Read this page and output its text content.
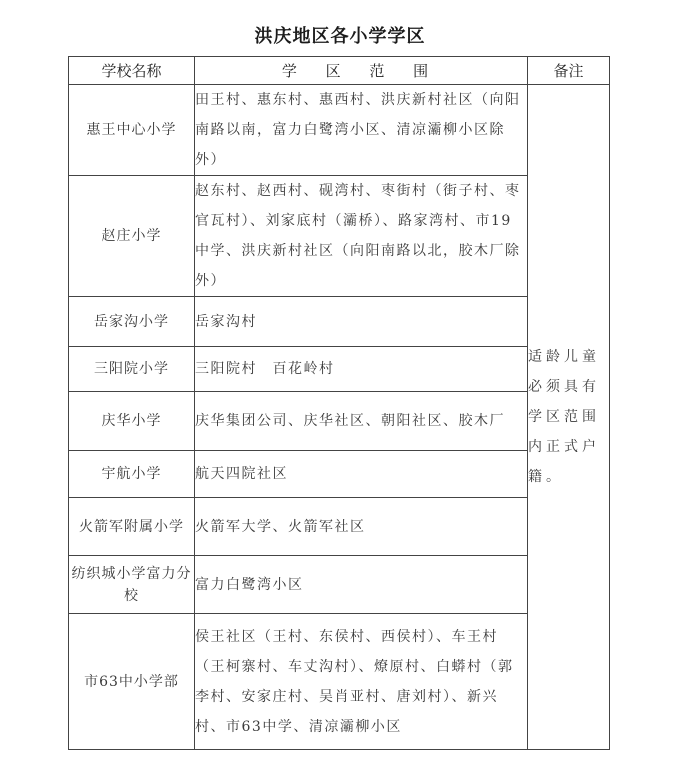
洪庆地区各小学学区
学校名称	学 区 范 围	备注
惠王中心小学	田王村、惠东村、惠西村、洪庆新村社区（向阳南路以南，富力白鹭湾小区、清凉灞柳小区除外）	适龄儿童必须具有学区范围内正式户籍。
赵庄小学	赵东村、赵西村、砚湾村、枣街村（街子村、枣官瓦村）、刘家底村（灞桥）、路家湾村、市19中学、洪庆新村社区（向阳南路以北，胶木厂除外）	
岳家沟小学	岳家沟村	
三阳院小学	三阳院村　百花岭村	
庆华小学	庆华集团公司、庆华社区、朝阳社区、胶木厂	
宇航小学	航天四院社区	
火箭军附属小学	火箭军大学、火箭军社区	
纺织城小学富力分校	富力白鹭湾小区	
市63中小学部	侯王社区（王村、东侯村、西侯村）、车王村（王柯寨村、车丈沟村）、燎原村、白蟒村（郭李村、安家庄村、吴肖亚村、唐刘村）、新兴村、市63中学、清凉灞柳小区	
